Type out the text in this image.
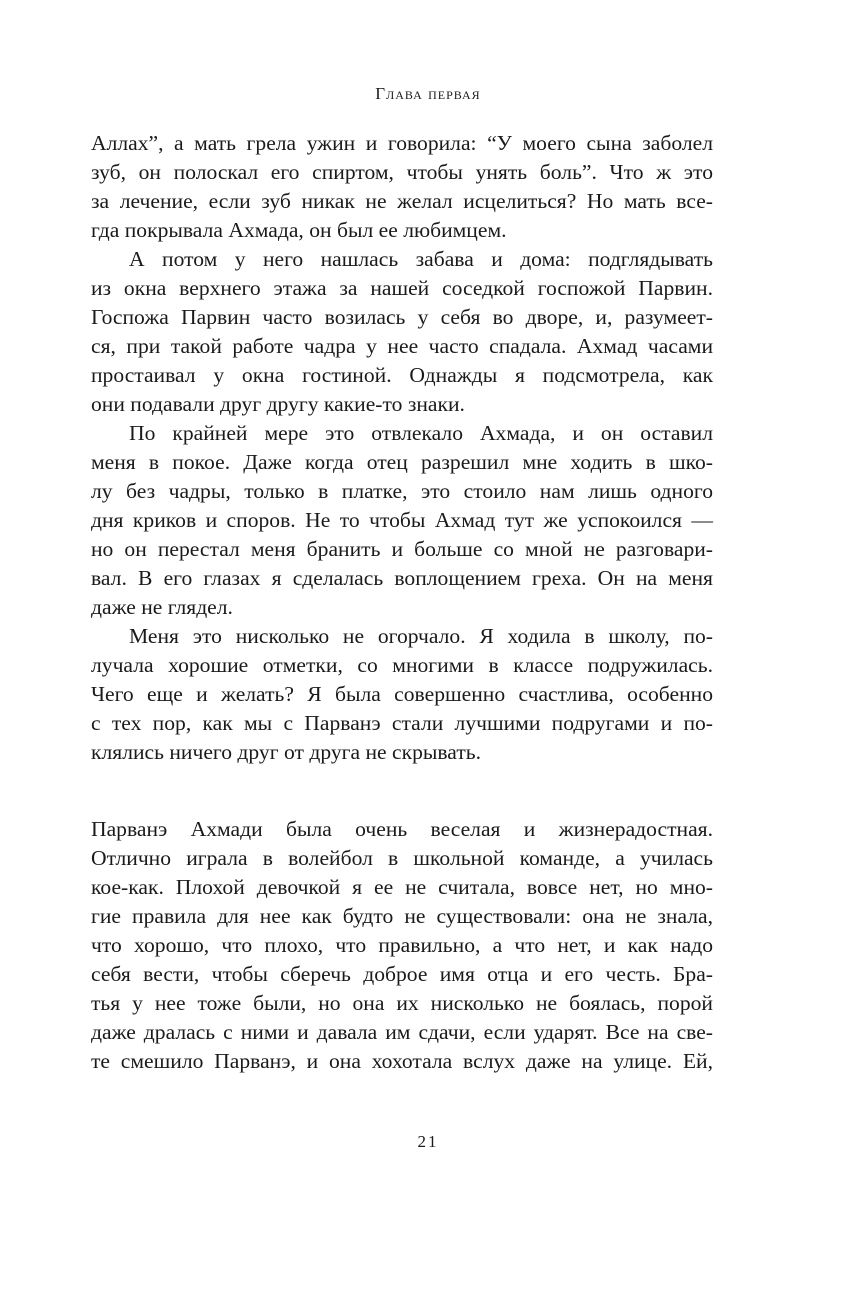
Глава первая
Аллах”, а мать грела ужин и говорила: “У моего сына заболел
зуб, он полоскал его спиртом, чтобы унять боль”. Что ж это
за лечение, если зуб никак не желал исцелиться? Но мать все-
гда покрывала Ахмада, он был ее любимцем.
А потом у него нашлась забава и дома: подглядывать
из окна верхнего этажа за нашей соседкой госпожой Парвин.
Госпожа Парвин часто возилась у себя во дворе, и, разумеет-
ся, при такой работе чадра у нее часто спадала. Ахмад часами
простаивал у окна гостиной. Однажды я подсмотрела, как
они подавали друг другу какие-то знаки.
По крайней мере это отвлекало Ахмада, и он оставил
меня в покое. Даже когда отец разрешил мне ходить в шко-
лу без чадры, только в платке, это стоило нам лишь одного
дня криков и споров. Не то чтобы Ахмад тут же успокоился —
но он перестал меня бранить и больше со мной не разговари-
вал. В его глазах я сделалась воплощением греха. Он на меня
даже не глядел.
Меня это нисколько не огорчало. Я ходила в школу, по-
лучала хорошие отметки, со многими в классе подружилась.
Чего еще и желать? Я была совершенно счастлива, особенно
с тех пор, как мы с Парванэ стали лучшими подругами и по-
клялись ничего друг от друга не скрывать.
Парванэ Ахмади была очень веселая и жизнерадостная.
Отлично играла в волейбол в школьной команде, а училась
кое-как. Плохой девочкой я ее не считала, вовсе нет, но мно-
гие правила для нее как будто не существовали: она не знала,
что хорошо, что плохо, что правильно, а что нет, и как надо
себя вести, чтобы сберечь доброе имя отца и его честь. Бра-
тья у нее тоже были, но она их нисколько не боялась, порой
даже дралась с ними и давала им сдачи, если ударят. Все на све-
те смешило Парванэ, и она хохотала вслух даже на улице. Ей,
21
